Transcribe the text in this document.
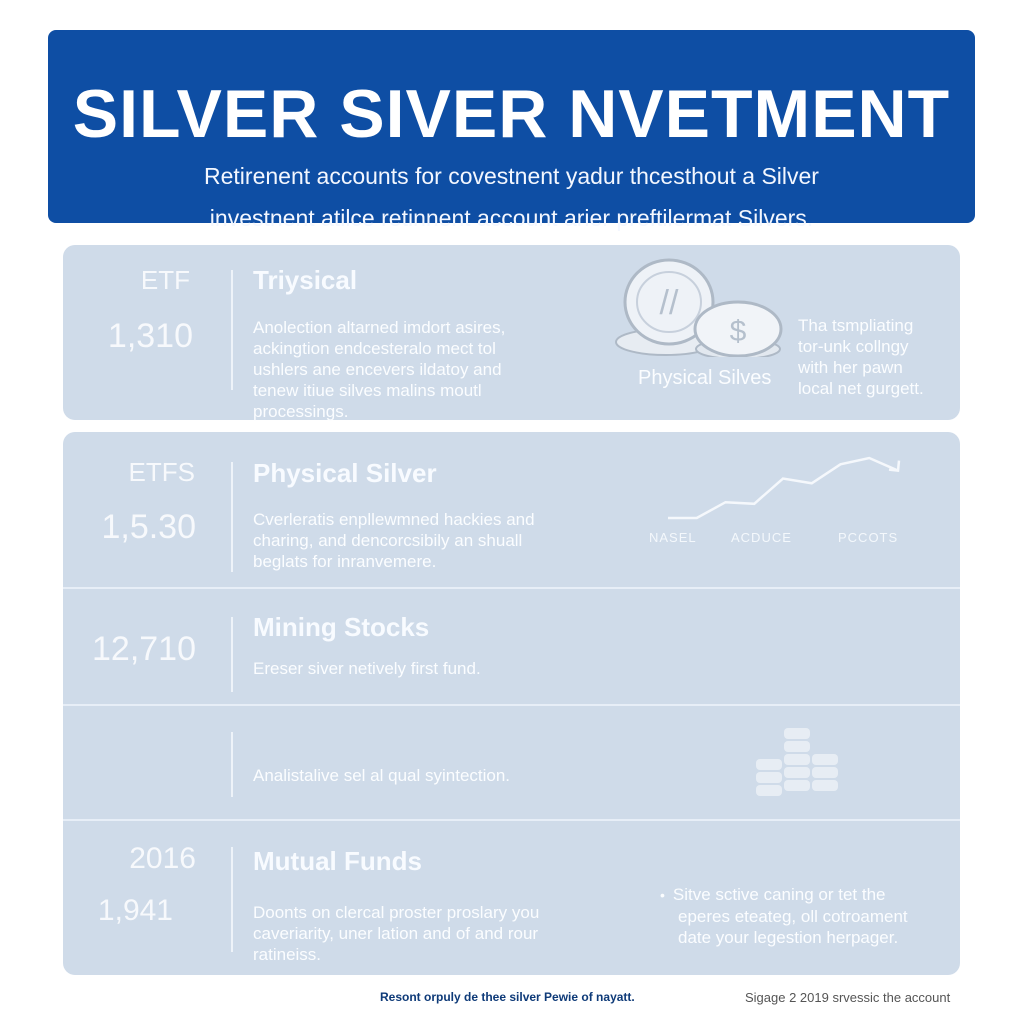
SILVER SIVER NVETMENT
Retirenent accounts for covestnent yadur thcesthout a Silver
investnent atilce retinnent account arier preftilermat Silvers.
ETF
1,310
Triysical
Anolection altarned imdort asires,
ackingtion endcesteralo mect tol
ushlers ane encevers ildatoy and
tenew itiue silves malins moutl
processings.
//
$
Physical Silves
Tha tsmpliating
tor-unk collngy
with her pawn
local net gurgett.
ETFS
1,5.30
Physical Silver
Cverleratis enpllewmned hackies and
charing, and dencorcsibily an shuall
beglats for inranvemere.
NASEL	ACDUCE	PCCOTS
12,710
Mining Stocks
Ereser siver netively first fund.
Analistalive sel al qual syintection.
2016
1,941
Mutual Funds
Doonts on clercal proster proslary you
caveriarity, uner lation and of and rour
ratineiss.
• Sitve sctive caning or tet the
eperes eteateg, oll cotroament
date your legestion herpager.
Resont orpuly de thee silver Pewie of nayatt.	Sigage 2 2019 srvessic the account
